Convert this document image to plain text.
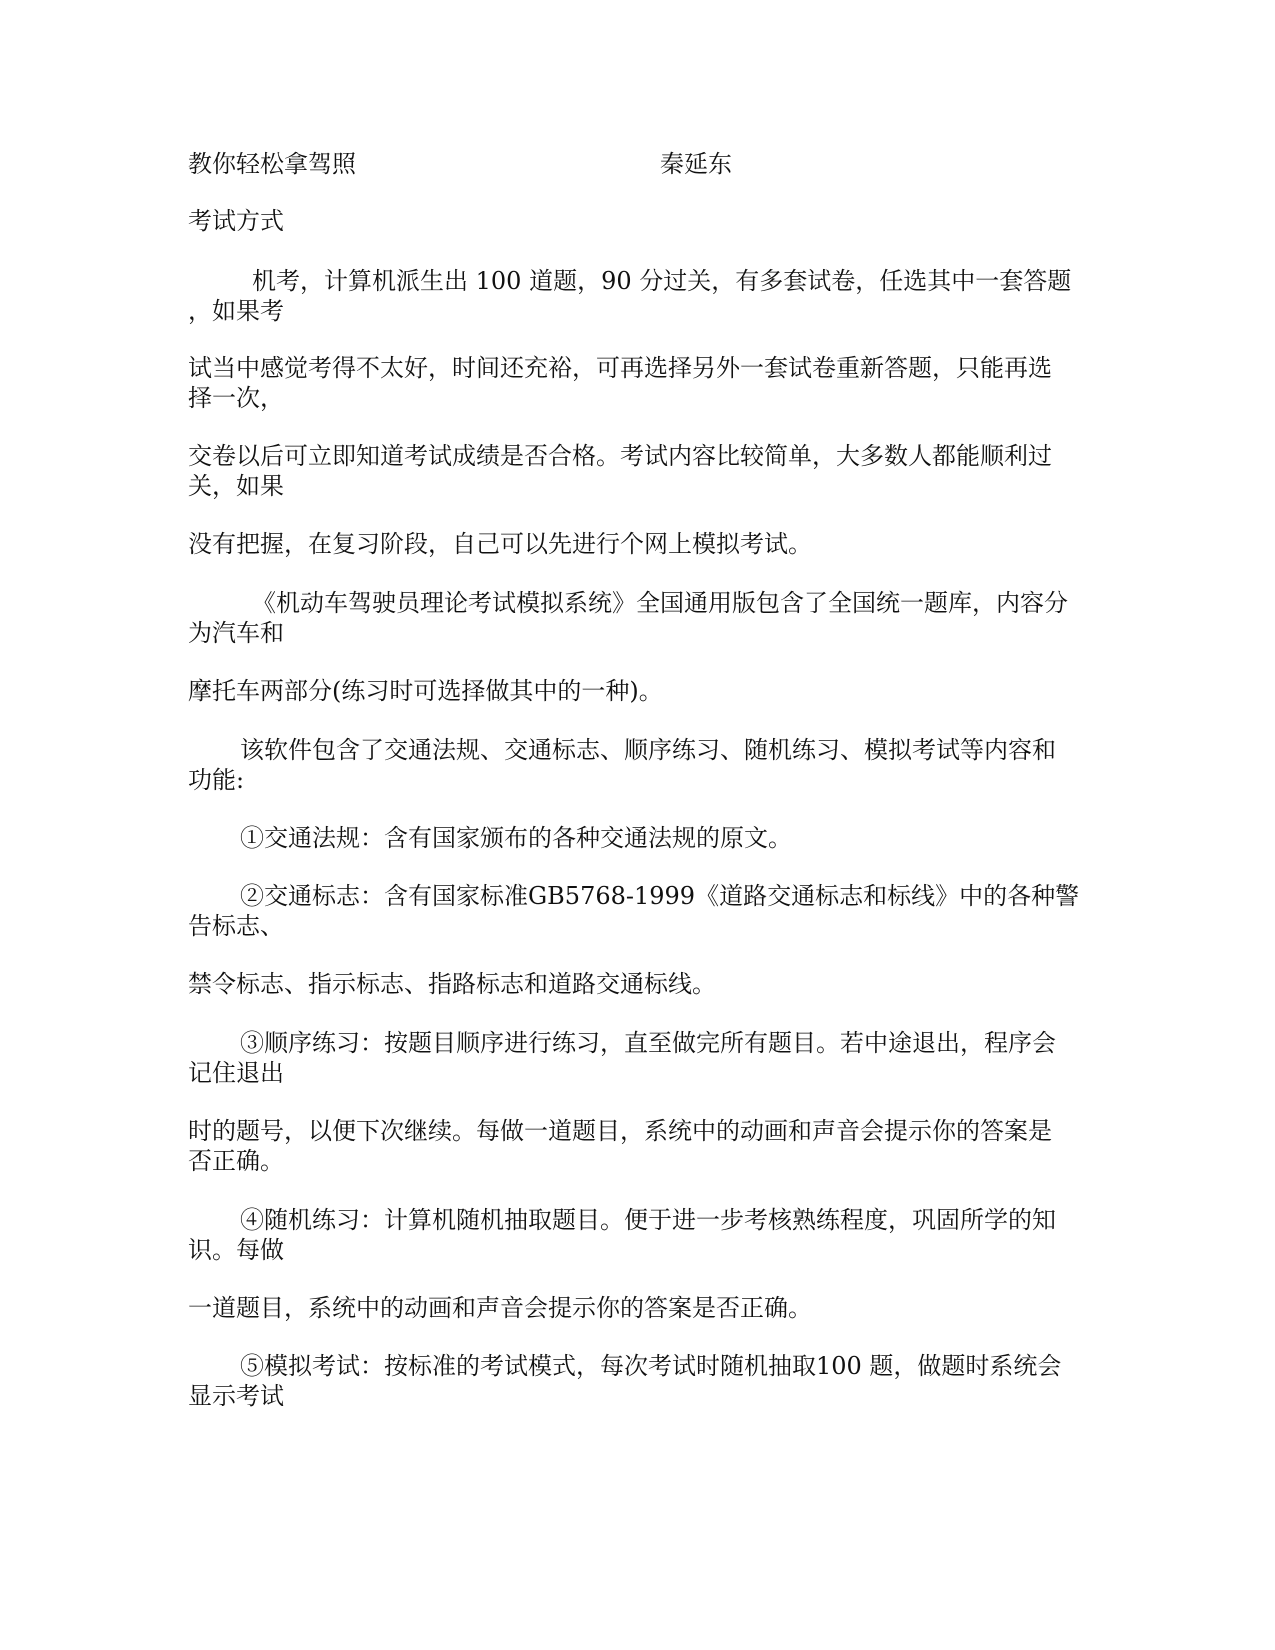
教你轻松拿驾照	秦延东
考试方式
机考，计算机派生出 100 道题，90 分过关，有多套试卷，任选其中一套答题
，如果考
试当中感觉考得不太好，时间还充裕，可再选择另外一套试卷重新答题，只能再选
择一次，
交卷以后可立即知道考试成绩是否合格。考试内容比较简单，大多数人都能顺利过
关，如果
没有把握，在复习阶段，自己可以先进行个网上模拟考试。
《机动车驾驶员理论考试模拟系统》全国通用版包含了全国统一题库，内容分
为汽车和
摩托车两部分(练习时可选择做其中的一种)。
该软件包含了交通法规、交通标志、顺序练习、随机练习、模拟考试等内容和
功能:
①交通法规：含有国家颁布的各种交通法规的原文。
②交通标志：含有国家标准GB5768-1999《道路交通标志和标线》中的各种警
告标志、
禁令标志、指示标志、指路标志和道路交通标线。
③顺序练习：按题目顺序进行练习，直至做完所有题目。若中途退出，程序会
记住退出
时的题号，以便下次继续。每做一道题目，系统中的动画和声音会提示你的答案是
否正确。
④随机练习：计算机随机抽取题目。便于进一步考核熟练程度，巩固所学的知
识。每做
一道题目，系统中的动画和声音会提示你的答案是否正确。
⑤模拟考试：按标准的考试模式，每次考试时随机抽取100 题，做题时系统会
显示考试
